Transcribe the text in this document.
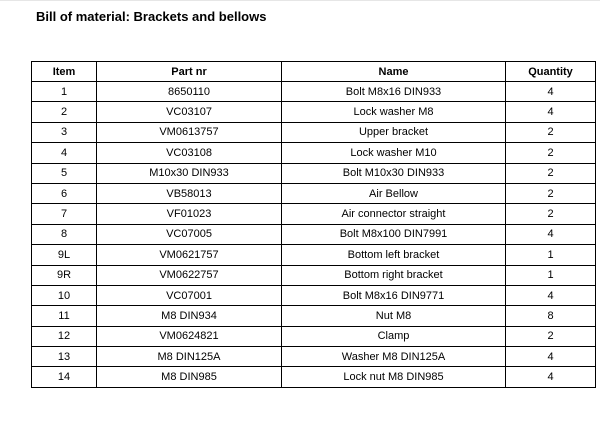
Bill of material: Brackets and bellows
Item	Part nr	Name	Quantity
1	8650110	Bolt M8x16 DIN933	4
2	VC03107	Lock washer M8	4
3	VM0613757	Upper bracket	2
4	VC03108	Lock washer M10	2
5	M10x30 DIN933	Bolt M10x30 DIN933	2
6	VB58013	Air Bellow	2
7	VF01023	Air connector straight	2
8	VC07005	Bolt M8x100 DIN7991	4
9L	VM0621757	Bottom left bracket	1
9R	VM0622757	Bottom right bracket	1
10	VC07001	Bolt M8x16 DIN9771	4
11	M8 DIN934	Nut M8	8
12	VM0624821	Clamp	2
13	M8 DIN125A	Washer M8 DIN125A	4
14	M8 DIN985	Lock nut M8 DIN985	4
